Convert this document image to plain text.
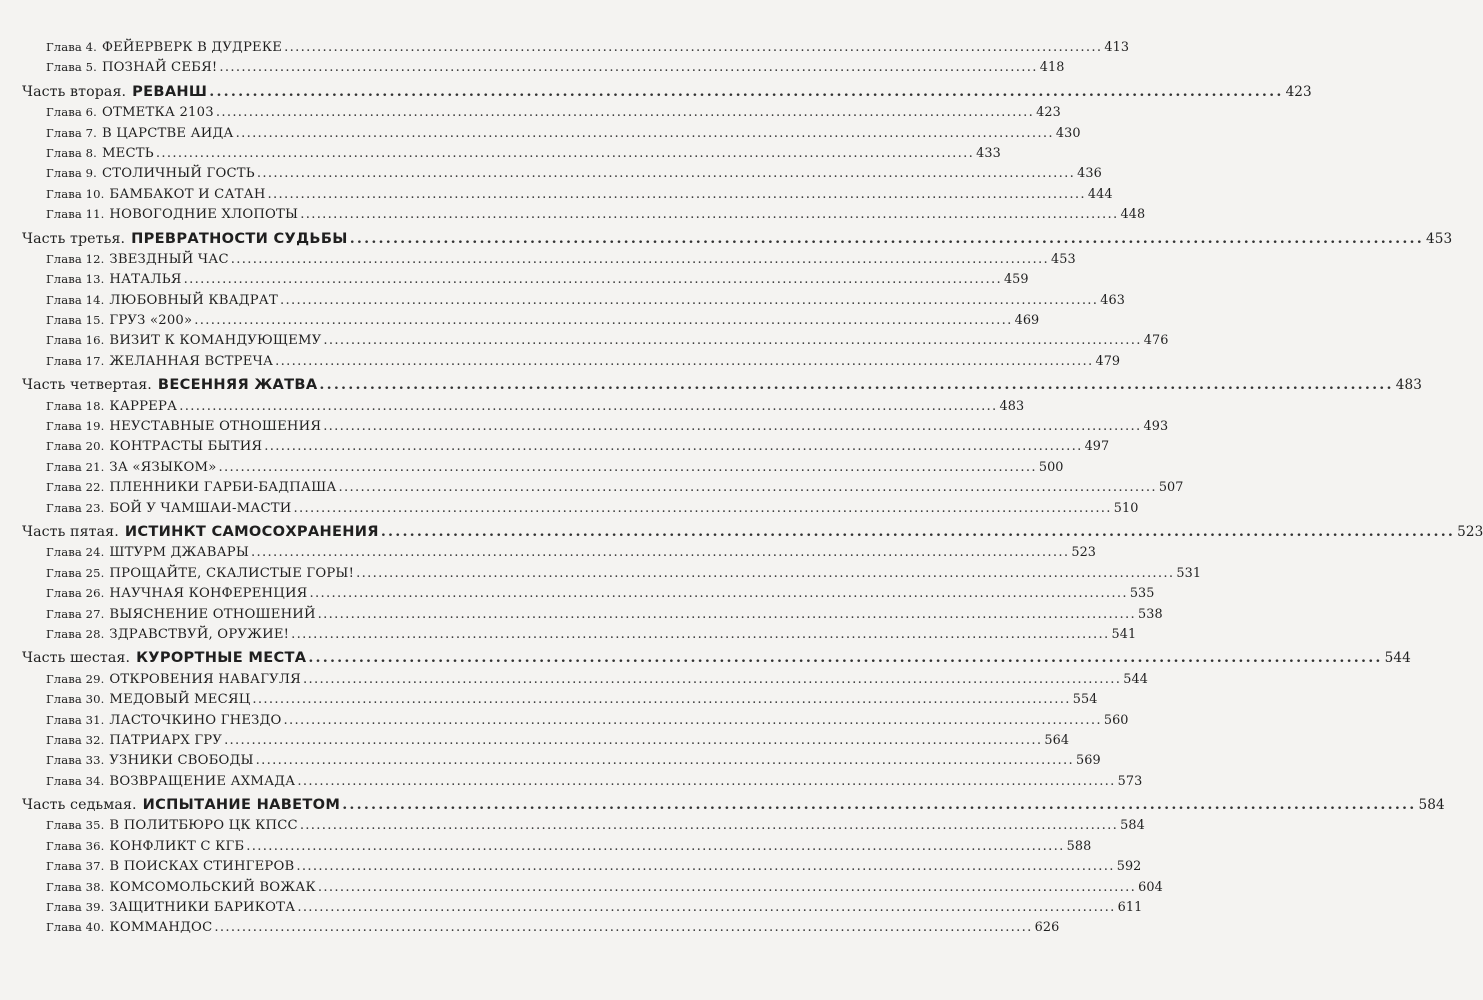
Глава 4. ФЕЙЕРВЕРК В ДУДРЕКЕ ..................................................................................................................................................... 413
Глава 5. ПОЗНАЙ СЕБЯ! ..................................................................................................................................................... 418
Часть вторая. РЕВАНШ ..................................................................................................................................................... 423
Глава 6. ОТМЕТКА 2103 ..................................................................................................................................................... 423
Глава 7. В ЦАРСТВЕ АИДА ..................................................................................................................................................... 430
Глава 8. МЕСТЬ ..................................................................................................................................................... 433
Глава 9. СТОЛИЧНЫЙ ГОСТЬ ..................................................................................................................................................... 436
Глава 10. БАМБАКОТ И САТАН ..................................................................................................................................................... 444
Глава 11. НОВОГОДНИЕ ХЛОПОТЫ ..................................................................................................................................................... 448
Часть третья. ПРЕВРАТНОСТИ СУДЬБЫ ..................................................................................................................................................... 453
Глава 12. ЗВЕЗДНЫЙ ЧАС ..................................................................................................................................................... 453
Глава 13. НАТАЛЬЯ ..................................................................................................................................................... 459
Глава 14. ЛЮБОВНЫЙ КВАДРАТ ..................................................................................................................................................... 463
Глава 15. ГРУЗ «200» ..................................................................................................................................................... 469
Глава 16. ВИЗИТ К КОМАНДУЮЩЕМУ ..................................................................................................................................................... 476
Глава 17. ЖЕЛАННАЯ ВСТРЕЧА ..................................................................................................................................................... 479
Часть четвертая. ВЕСЕННЯЯ ЖАТВА ..................................................................................................................................................... 483
Глава 18. КАРРЕРА ..................................................................................................................................................... 483
Глава 19. НЕУСТАВНЫЕ ОТНОШЕНИЯ ..................................................................................................................................................... 493
Глава 20. КОНТРАСТЫ БЫТИЯ ..................................................................................................................................................... 497
Глава 21. ЗА «ЯЗЫКОМ» ..................................................................................................................................................... 500
Глава 22. ПЛЕННИКИ ГАРБИ-БАДПАША ..................................................................................................................................................... 507
Глава 23. БОЙ У ЧАМШАИ-МАСТИ ..................................................................................................................................................... 510
Часть пятая. ИСТИНКТ САМОСОХРАНЕНИЯ ..................................................................................................................................................... 523
Глава 24. ШТУРМ ДЖАВАРЫ ..................................................................................................................................................... 523
Глава 25. ПРОЩАЙТЕ, СКАЛИСТЫЕ ГОРЫ! ..................................................................................................................................................... 531
Глава 26. НАУЧНАЯ КОНФЕРЕНЦИЯ ..................................................................................................................................................... 535
Глава 27. ВЫЯСНЕНИЕ ОТНОШЕНИЙ ..................................................................................................................................................... 538
Глава 28. ЗДРАВСТВУЙ, ОРУЖИЕ! ..................................................................................................................................................... 541
Часть шестая. КУРОРТНЫЕ МЕСТА ..................................................................................................................................................... 544
Глава 29. ОТКРОВЕНИЯ НАВАГУЛЯ ..................................................................................................................................................... 544
Глава 30. МЕДОВЫЙ МЕСЯЦ ..................................................................................................................................................... 554
Глава 31. ЛАСТОЧКИНО ГНЕЗДО ..................................................................................................................................................... 560
Глава 32. ПАТРИАРХ ГРУ ..................................................................................................................................................... 564
Глава 33. УЗНИКИ СВОБОДЫ ..................................................................................................................................................... 569
Глава 34. ВОЗВРАЩЕНИЕ АХМАДА ..................................................................................................................................................... 573
Часть седьмая. ИСПЫТАНИЕ НАВЕТОМ ..................................................................................................................................................... 584
Глава 35. В ПОЛИТБЮРО ЦК КПСС ..................................................................................................................................................... 584
Глава 36. КОНФЛИКТ С КГБ ..................................................................................................................................................... 588
Глава 37. В ПОИСКАХ СТИНГЕРОВ ..................................................................................................................................................... 592
Глава 38. КОМСОМОЛЬСКИЙ ВОЖАК ..................................................................................................................................................... 604
Глава 39. ЗАЩИТНИКИ БАРИКОТА ..................................................................................................................................................... 611
Глава 40. КОММАНДОС ..................................................................................................................................................... 626
